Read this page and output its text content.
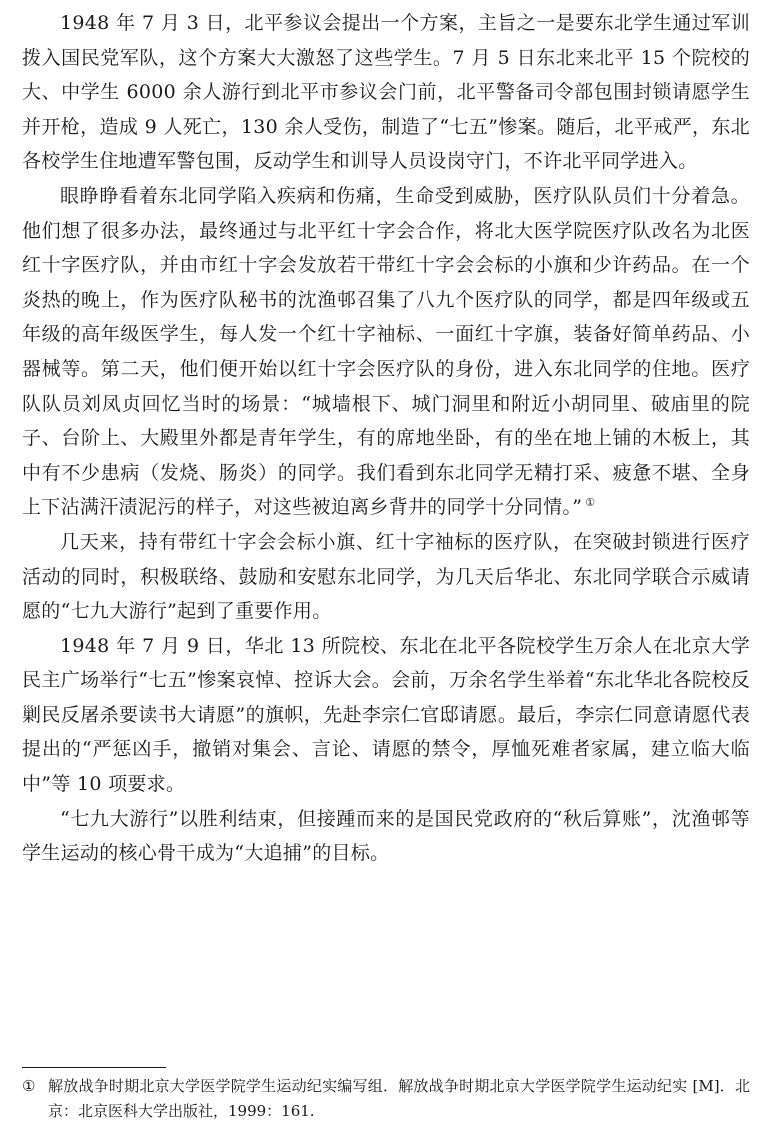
1948 年 7 月 3 日，北平参议会提出一个方案，主旨之一是要东北学生通过军训拨入国民党军队，这个方案大大激怒了这些学生。7 月 5 日东北来北平 15 个院校的大、中学生 6000 余人游行到北平市参议会门前，北平警备司令部包围封锁请愿学生并开枪，造成 9 人死亡，130 余人受伤，制造了“七五”惨案。随后，北平戒严，东北各校学生住地遭军警包围，反动学生和训导人员设岗守门，不许北平同学进入。

眼睁睁看着东北同学陷入疾病和伤痛，生命受到威胁，医疗队队员们十分着急。他们想了很多办法，最终通过与北平红十字会合作，将北大医学院医疗队改名为北医红十字医疗队，并由市红十字会发放若干带红十字会会标的小旗和少许药品。在一个炎热的晚上，作为医疗队秘书的沈渔邨召集了八九个医疗队的同学，都是四年级或五年级的高年级医学生，每人发一个红十字袖标、一面红十字旗，装备好简单药品、小器械等。第二天，他们便开始以红十字会医疗队的身份，进入东北同学的住地。医疗队队员刘凤贞回忆当时的场景：“城墙根下、城门洞里和附近小胡同里、破庙里的院子、台阶上、大殿里外都是青年学生，有的席地坐卧，有的坐在地上铺的木板上，其中有不少患病（发烧、肠炎）的同学。我们看到东北同学无精打采、疲惫不堪、全身上下沾满汗渍泥污的样子，对这些被迫离乡背井的同学十分同情。” ①

几天来，持有带红十字会会标小旗、红十字袖标的医疗队，在突破封锁进行医疗活动的同时，积极联络、鼓励和安慰东北同学，为几天后华北、东北同学联合示威请愿的“七九大游行”起到了重要作用。

1948 年 7 月 9 日，华北 13 所院校、东北在北平各院校学生万余人在北京大学民主广场举行“七五”惨案哀悼、控诉大会。会前，万余名学生举着“东北华北各院校反剿民反屠杀要读书大请愿”的旗帜，先赴李宗仁官邸请愿。最后，李宗仁同意请愿代表提出的“严惩凶手，撤销对集会、言论、请愿的禁令，厚恤死难者家属，建立临大临中”等 10 项要求。

“七九大游行”以胜利结束，但接踵而来的是国民党政府的“秋后算账”，沈渔邨等学生运动的核心骨干成为“大追捕”的目标。

① 解放战争时期北京大学医学院学生运动纪实编写组．解放战争时期北京大学医学院学生运动纪实 [M]．北京：北京医科大学出版社，1999：161.
